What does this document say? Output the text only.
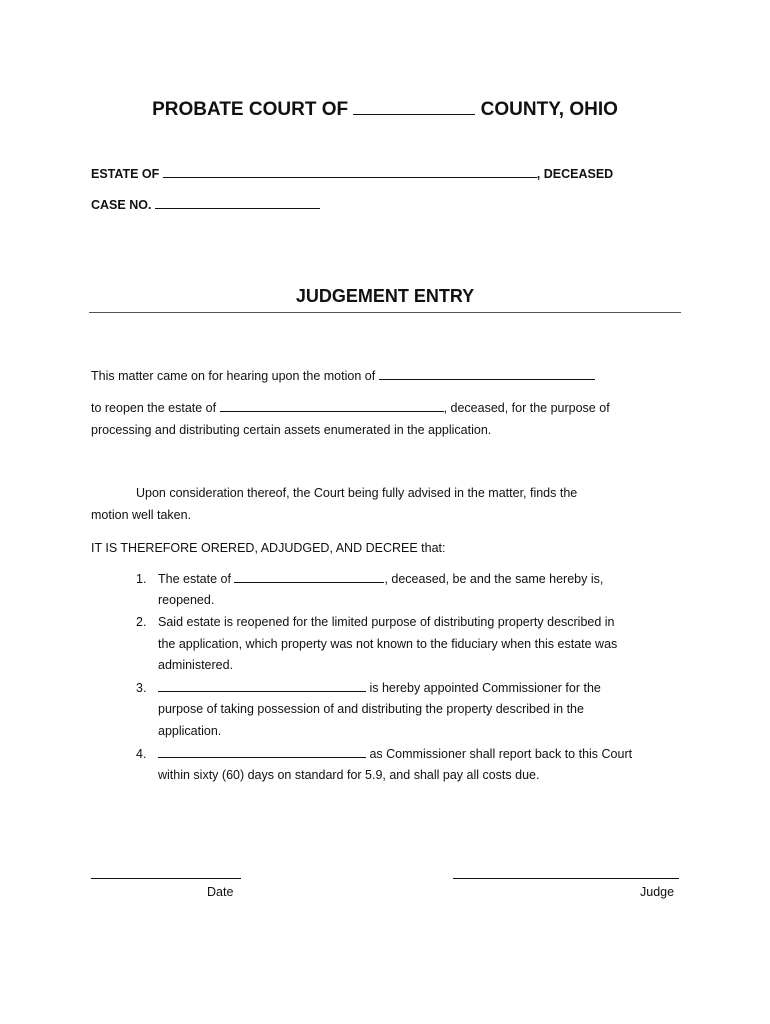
PROBATE COURT OF	COUNTY, OHIO
ESTATE OF	, DECEASED
CASE NO.
JUDGEMENT ENTRY
This matter came on for hearing upon the motion of
to reopen the estate of	, deceased, for the purpose of
processing and distributing certain assets enumerated in the application.
Upon consideration thereof, the Court being fully advised in the matter, finds the
motion well taken.
IT IS THEREFORE ORERED, ADJUDGED, AND DECREE that:
1. The estate of	, deceased, be and the same hereby is,
reopened.
2. Said estate is reopened for the limited purpose of distributing property described in
the application, which property was not known to the fiduciary when this estate was
administered.
3.	is hereby appointed Commissioner for the
purpose of taking possession of and distributing the property described in the
application.
4.	as Commissioner shall report back to this Court
within sixty (60) days on standard for 5.9, and shall pay all costs due.
Date	Judge
